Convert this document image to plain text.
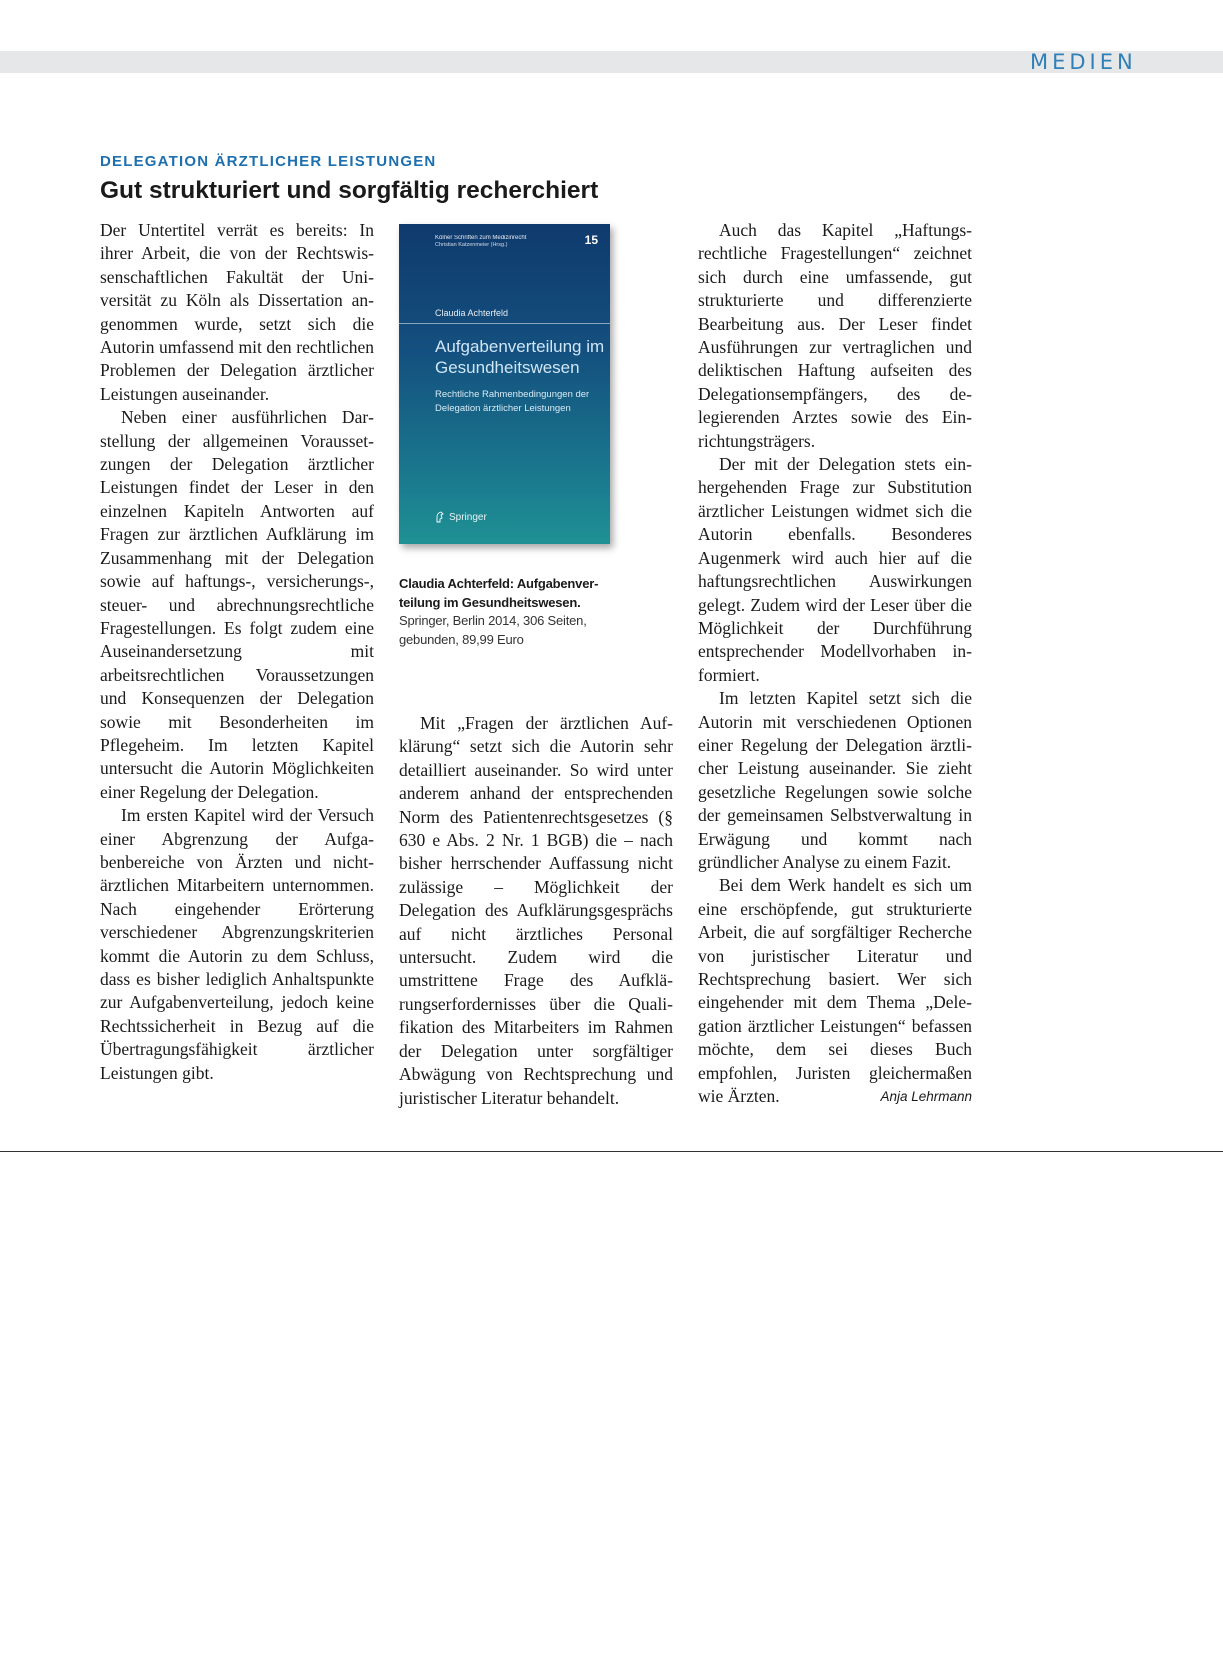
MEDIEN

DELEGATION ÄRZTLICHER LEISTUNGEN

Gut strukturiert und sorgfältig recherchiert

Der Untertitel verrät es bereits: In ihrer Arbeit, die von der Rechtswissenschaftlichen Fakultät der Universität zu Köln als Dissertation angenommen wurde, setzt sich die Autorin umfassend mit den rechtlichen Problemen der Delegation ärztlicher Leistungen auseinander.

Neben einer ausführlichen Darstellung der allgemeinen Voraussetzungen der Delegation ärztlicher Leistungen findet der Leser in den einzelnen Kapiteln Antworten auf Fragen zur ärztlichen Aufklärung im Zusammenhang mit der Delegation sowie auf haftungs-, versicherungs-, steuer- und abrechnungsrechtliche Fragestellungen. Es folgt zudem eine Auseinandersetzung mit arbeitsrechtlichen Voraussetzungen und Konsequenzen der Delegation sowie mit Besonderheiten im Pflegeheim. Im letzten Kapitel untersucht die Autorin Möglichkeiten einer Regelung der Delegation.

Im ersten Kapitel wird der Versuch einer Abgrenzung der Aufgabenbereiche von Ärzten und nichtärztlichen Mitarbeitern unternommen. Nach eingehender Erörterung verschiedener Abgrenzungskriterien kommt die Autorin zu dem Schluss, dass es bisher lediglich Anhaltspunkte zur Aufgabenverteilung, jedoch keine Rechtssicherheit in Bezug auf die Übertragungsfähigkeit ärztlicher Leistungen gibt.

Kölner Schriften zum Medizinrecht

Christian Katzenmeier (Hrsg.)	15

Claudia Achterfeld

Aufgabenverteilung im Gesundheitswesen

Rechtliche Rahmenbedingungen der Delegation ärztlicher Leistungen

Springer

Claudia Achterfeld: Aufgabenverteilung im Gesundheitswesen.

Springer, Berlin 2014, 306 Seiten, gebunden, 89,99 Euro

Mit „Fragen der ärztlichen Aufklärung“ setzt sich die Autorin sehr detailliert auseinander. So wird unter anderem anhand der entsprechenden Norm des Patientenrechtsgesetzes (§ 630 e Abs. 2 Nr. 1 BGB) die – nach bisher herrschender Auffassung nicht zulässige – Möglichkeit der Delegation des Aufklärungsgesprächs auf nicht ärztliches Personal untersucht. Zudem wird die umstrittene Frage des Aufklärungserfordernisses über die Qualifikation des Mitarbeiters im Rahmen der Delegation unter sorgfältiger Abwägung von Rechtsprechung und juristischer Literatur behandelt.

Auch das Kapitel „Haftungsrechtliche Fragestellungen“ zeichnet sich durch eine umfassende, gut strukturierte und differenzierte Bearbeitung aus. Der Leser findet Ausführungen zur vertraglichen und deliktischen Haftung aufseiten des Delegationsempfängers, des delegierenden Arztes sowie des Einrichtungsträgers.

Der mit der Delegation stets einhergehenden Frage zur Substitution ärztlicher Leistungen widmet sich die Autorin ebenfalls. Besonderes Augenmerk wird auch hier auf die haftungsrechtlichen Auswirkungen gelegt. Zudem wird der Leser über die Möglichkeit der Durchführung entsprechender Modellvorhaben informiert.

Im letzten Kapitel setzt sich die Autorin mit verschiedenen Optionen einer Regelung der Delegation ärztlicher Leistung auseinander. Sie zieht gesetzliche Regelungen sowie solche der gemeinsamen Selbstverwaltung in Erwägung und kommt nach gründlicher Analyse zu einem Fazit.

Bei dem Werk handelt es sich um eine erschöpfende, gut strukturierte Arbeit, die auf sorgfältiger Recherche von juristischer Literatur und Rechtsprechung basiert. Wer sich eingehender mit dem Thema „Delegation ärztlicher Leistungen“ befassen möchte, dem sei dieses Buch empfohlen, Juristen gleichermaßen wie Ärzten.	Anja Lehrmann
